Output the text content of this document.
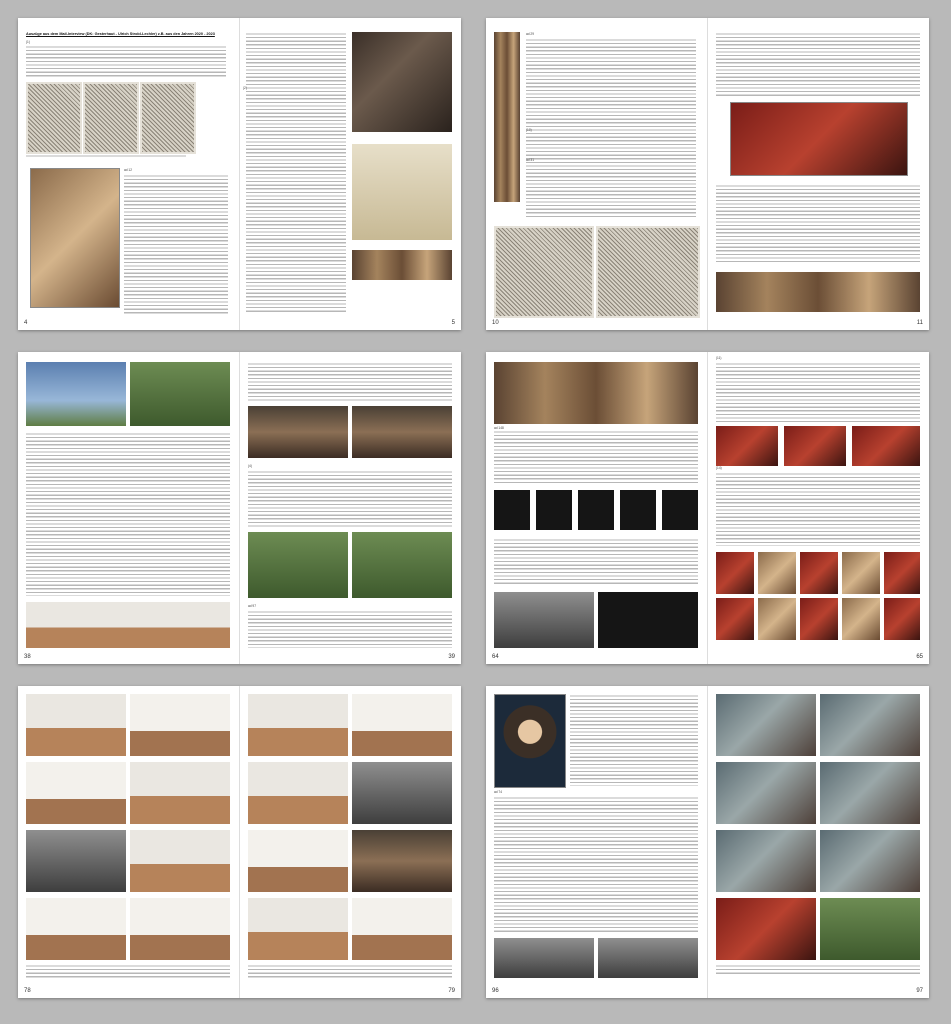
Auszüge aus dem Mail-Interview (DK: Gesterhaut - Ulrich Strobl-Lechler) z.B. aus den Jahren 2020 - 2023
(1)
ad 12
4	5
ad 29
10	11
38
(4)
ad 97
39	64	65
78	79
ad 74
96	97
(2)
(10)
ad 31
(11)
ad 148
(14)
